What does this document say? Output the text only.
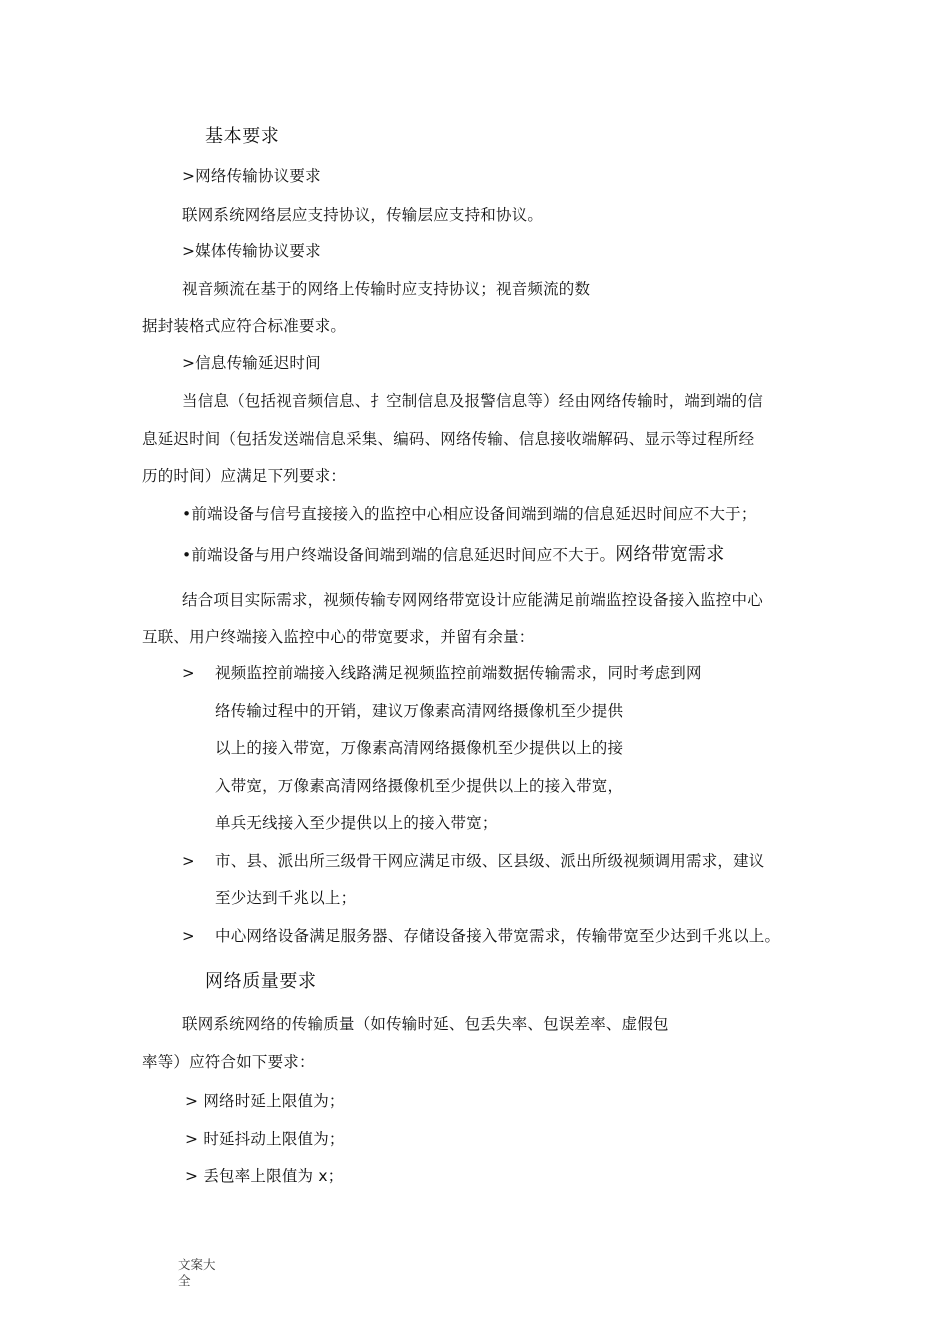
基本要求
>网络传输协议要求
联网系统网络层应支持协议，传输层应支持和协议。
>媒体传输协议要求
视音频流在基于的网络上传输时应支持协议；视音频流的数
据封装格式应符合标准要求。
>信息传输延迟时间
当信息（包括视音频信息、扌空制信息及报警信息等）经由网络传输时，端到端的信
息延迟时间（包括发送端信息采集、编码、网络传输、信息接收端解码、显示等过程所经
历的时间）应满足下列要求：
•前端设备与信号直接接入的监控中心相应设备间端到端的信息延迟时间应不大于；
•前端设备与用户终端设备间端到端的信息延迟时间应不大于。网络带宽需求
结合项目实际需求，视频传输专网网络带宽设计应能满足前端监控设备接入监控中心
互联、用户终端接入监控中心的带宽要求，并留有余量：
> 视频监控前端接入线路满足视频监控前端数据传输需求，同时考虑到网
络传输过程中的开销，建议万像素高清网络摄像机至少提供
以上的接入带宽，万像素高清网络摄像机至少提供以上的接
入带宽，万像素高清网络摄像机至少提供以上的接入带宽，
单兵无线接入至少提供以上的接入带宽；
> 市、县、派出所三级骨干网应满足市级、区县级、派出所级视频调用需求，建议
至少达到千兆以上；
> 中心网络设备满足服务器、存储设备接入带宽需求，传输带宽至少达到千兆以上。
网络质量要求
联网系统网络的传输质量（如传输时延、包丢失率、包误差率、虚假包
率等）应符合如下要求：
> 网络时延上限值为；
> 时延抖动上限值为；
> 丢包率上限值为 x；
文案大
全
